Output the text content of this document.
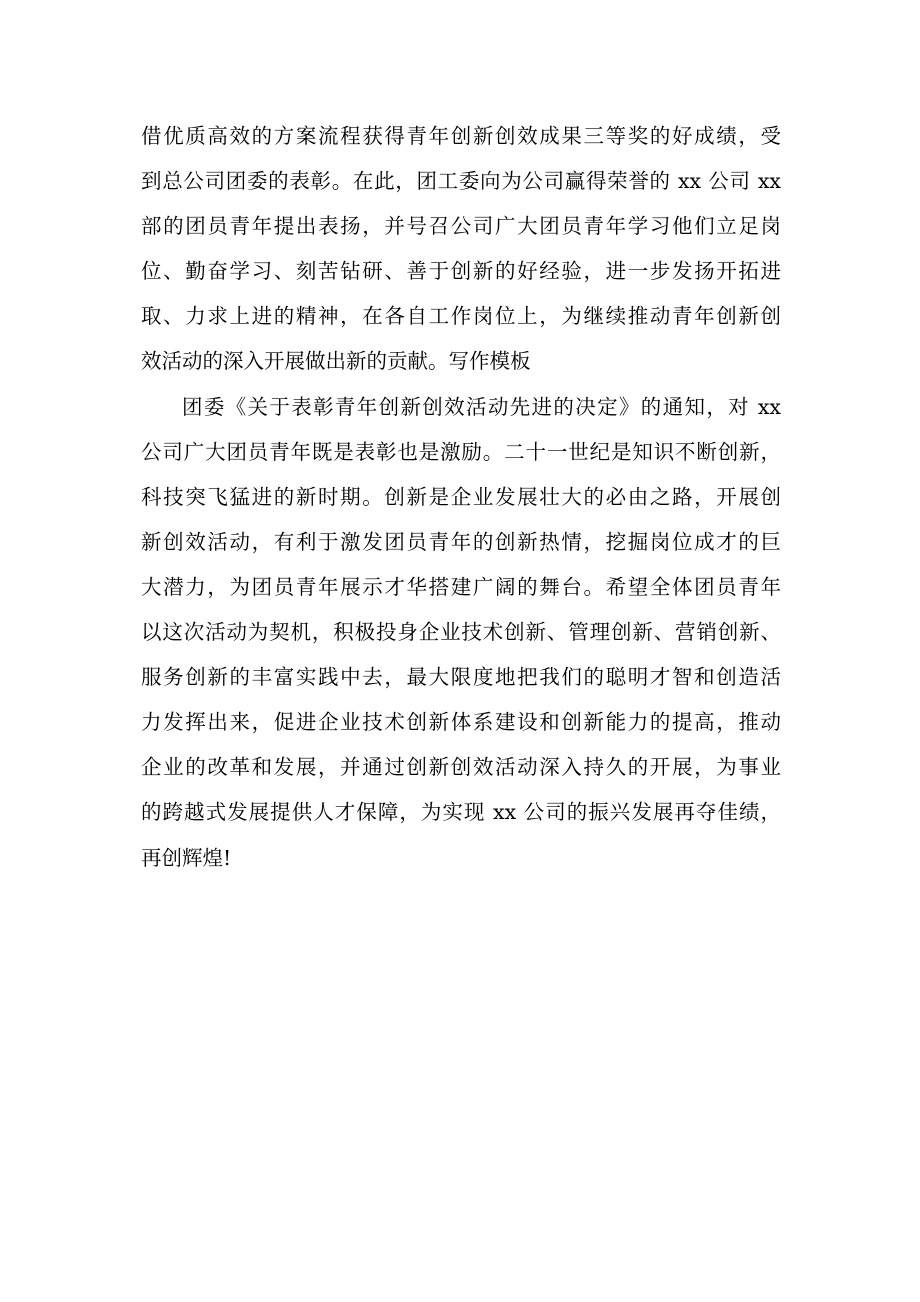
借优质高效的方案流程获得青年创新创效成果三等奖的好成绩，受
到总公司团委的表彰。在此，团工委向为公司赢得荣誉的 xx 公司 xx
部的团员青年提出表扬，并号召公司广大团员青年学习他们立足岗
位、勤奋学习、刻苦钻研、善于创新的好经验，进一步发扬开拓进
取、力求上进的精神，在各自工作岗位上，为继续推动青年创新创
效活动的深入开展做出新的贡献。写作模板
团委《关于表彰青年创新创效活动先进的决定》的通知，对 xx
公司广大团员青年既是表彰也是激励。二十一世纪是知识不断创新，
科技突飞猛进的新时期。创新是企业发展壮大的必由之路，开展创
新创效活动，有利于激发团员青年的创新热情，挖掘岗位成才的巨
大潜力，为团员青年展示才华搭建广阔的舞台。希望全体团员青年
以这次活动为契机，积极投身企业技术创新、管理创新、营销创新、
服务创新的丰富实践中去，最大限度地把我们的聪明才智和创造活
力发挥出来，促进企业技术创新体系建设和创新能力的提高，推动
企业的改革和发展，并通过创新创效活动深入持久的开展，为事业
的跨越式发展提供人才保障，为实现 xx 公司的振兴发展再夺佳绩，
再创辉煌!
